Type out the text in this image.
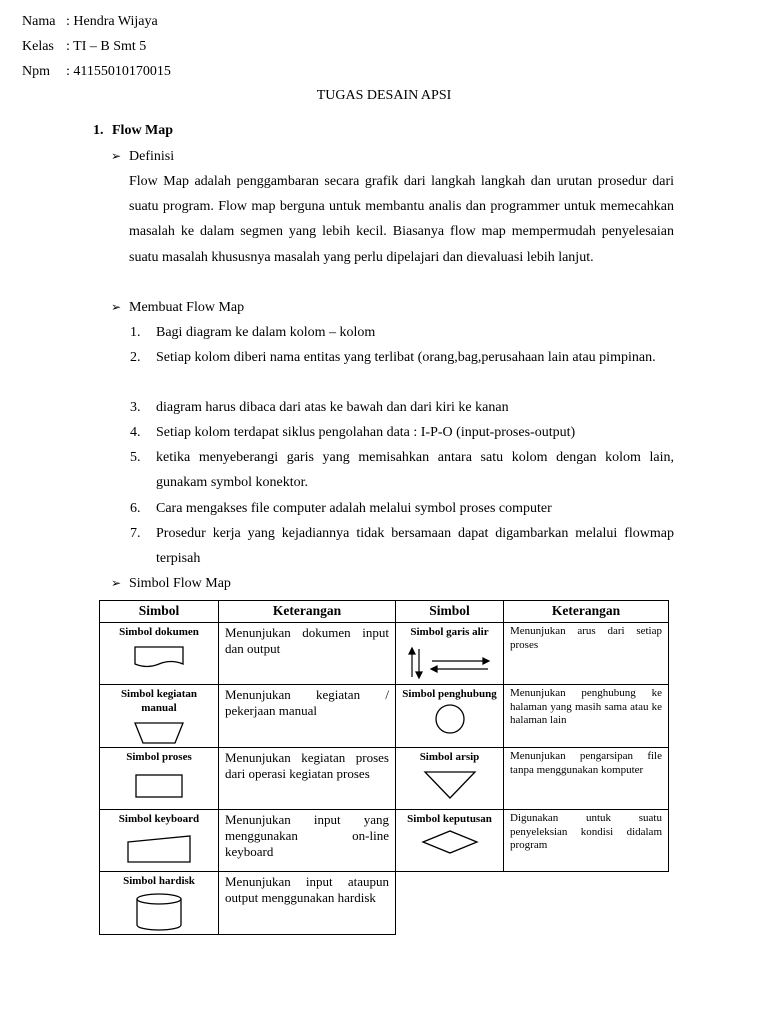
Nama : Hendra Wijaya
Kelas : TI – B Smt 5
Npm : 41155010170015
TUGAS DESAIN APSI
1. Flow Map
➢ Definisi
Flow Map adalah penggambaran secara grafik dari langkah langkah dan urutan prosedur dari suatu program. Flow map berguna untuk membantu analis dan programmer untuk memecahkan masalah ke dalam segmen yang lebih kecil. Biasanya flow map mempermudah penyelesaian suatu masalah khususnya masalah yang perlu dipelajari dan dievaluasi lebih lanjut.
➢ Membuat Flow Map
1. Bagi diagram ke dalam kolom – kolom
2. Setiap kolom diberi nama entitas yang terlibat (orang,bag,perusahaan lain atau pimpinan.
3. diagram harus dibaca dari atas ke bawah dan dari kiri ke kanan
4. Setiap kolom terdapat siklus pengolahan data : I-P-O (input-proses-output)
5. ketika menyeberangi garis yang memisahkan antara satu kolom dengan kolom lain, gunakam symbol konektor.
6. Cara mengakses file computer adalah melalui symbol proses computer
7. Prosedur kerja yang kejadiannya tidak bersamaan dapat digambarkan melalui flowmap terpisah
➢ Simbol Flow Map
Simbol	Keterangan	Simbol	Keterangan

Simbol dokumen	Menunjukan dokumen input dan output	Simbol garis alir	Menunjukan arus dari setiap proses

Simbol kegiatan manual	Menunjukan kegiatan / pekerjaan manual	Simbol penghubung	Menunjukan penghubung ke halaman yang masih sama atau ke halaman lain

Simbol proses	Menunjukan kegiatan proses dari operasi kegiatan proses	Simbol arsip	Menunjukan pengarsipan file tanpa menggunakan komputer

Simbol keyboard	Menunjukan input yang menggunakan on-line keyboard	Simbol keputusan	Digunakan untuk suatu penyeleksian kondisi didalam program

Simbol hardisk	Menunjukan input ataupun output menggunakan hardisk		
